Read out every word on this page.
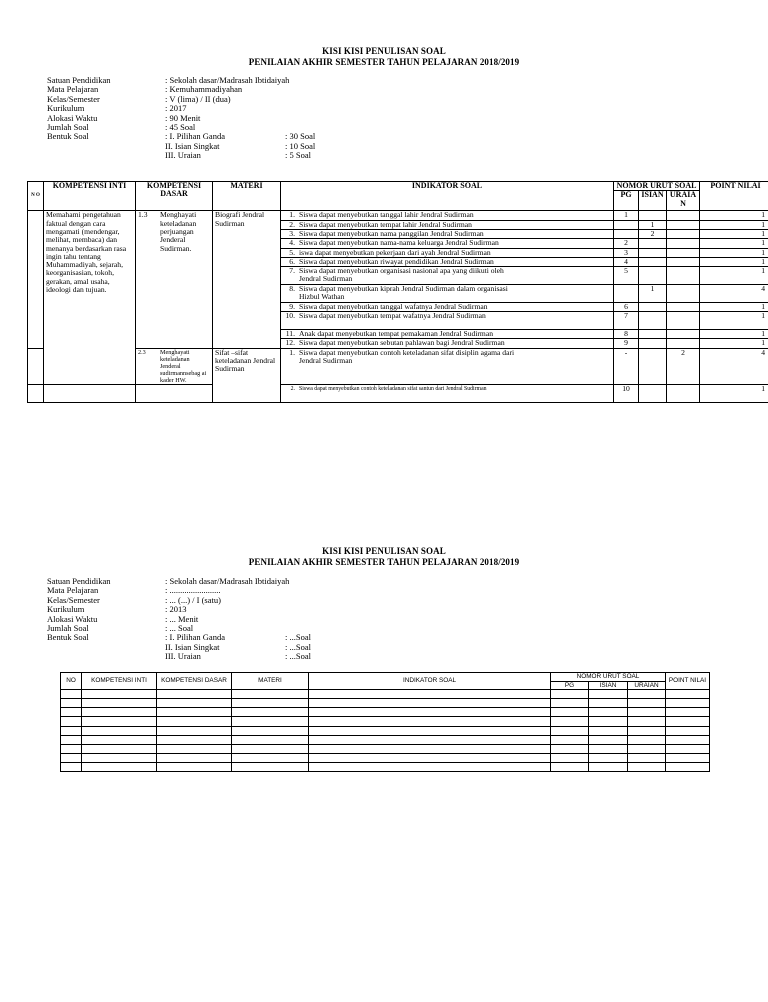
KISI KISI PENULISAN SOAL
PENILAIAN AKHIR SEMESTER TAHUN PELAJARAN 2018/2019
Satuan Pendidikan	: Sekolah dasar/Madrasah Ibtidaiyah
Mata Pelajaran	: Kemuhammadiyahan
Kelas/Semester	: V (lima) / II (dua)
Kurikulum	: 2017
Alokasi Waktu	: 90 Menit
Jumlah Soal	: 45 Soal
Bentuk Soal	: I. Pilihan Ganda	: 30 Soal
II. Isian Singkat	: 10 Soal
III. Uraian	: 5 Soal
N O	KOMPETENSI INTI	KOMPETENSI DASAR	MATERI	INDIKATOR SOAL	NOMOR URUT SOAL			POINT NILAI
					PG	ISIAN	URAIA N	
	Memahami pengetahuan faktual dengan cara mengamati (mendengar, melihat, membaca) dan menanya berdasarkan rasa ingin tahu tentang Muhammadiyah, sejarah, keorganisasian, tokoh, gerakan, amal usaha, ideologi dan tujuan.	1.3 Menghayati keteladanan perjuangan Jenderal Sudirman.	Biografi Jendral Sudirman	1. Siswa dapat menyebutkan tanggal lahir Jendral Sudirman	1			1
				2. Siswa dapat menyebutkan tempat lahir Jendral Sudirman		1		1
				3. Siswa dapat menyebutkan nama panggilan Jendral Sudirman		2		1
				4. Siswa dapat menyebutkan nama-nama keluarga Jendral Sudirman	2			1
				5. iswa dapat menyebutkan pekerjaan dari ayah Jendral Sudirman	3			1
				6. Siswa dapat menyebutkan riwayat pendidikan Jendral Sudirman	4			1
				7. Siswa dapat menyebutkan organisasi nasional apa yang diikuti oleh
Jendral Sudirman	5			1
				8. Siswa dapat menyebutkan kiprah Jendral Sudirman dalam organisasi
Hizbul Wathan		1		4
				9. Siswa dapat menyebutkan tanggal wafatnya Jendral Sudirman	6			1
				10. Siswa dapat menyebutkan tempat wafatnya Jendral Sudirman	7			1
				11. Anak dapat menyebutkan tempat pemakaman Jendral Sudirman	8			1
				12. Siswa dapat menyebutkan sebutan pahlawan bagi Jendral Sudirman	9			1
		2.3 Menghayati keteladanan Jenderal sudirmannsebag ai kader HW.	Sifat –sifat keteladanan Jendral Sudirman	1. Siswa dapat menyebutkan contoh keteladanan sifat disiplin agama dari
Jendral Sudirman	-		2	4
				2. Siswa dapat menyebutkan contoh keteladanan sifat santun dari Jendral Sudirman	10			1
KISI KISI PENULISAN SOAL
PENILAIAN AKHIR SEMESTER TAHUN PELAJARAN 2018/2019
Satuan Pendidikan	: Sekolah dasar/Madrasah Ibtidaiyah
Mata Pelajaran	: ........................
Kelas/Semester	: ... (...) / I (satu)
Kurikulum	: 2013
Alokasi Waktu	: ... Menit
Jumlah Soal	: ... Soal
Bentuk Soal	: I. Pilihan Ganda	: ...Soal
II. Isian Singkat	: ...Soal
III. Uraian	: ...Soal
NO	KOMPETENSI INTI	KOMPETENSI DASAR	MATERI	INDIKATOR SOAL	NOMOR URUT SOAL			POINT NILAI
					PG	ISIAN	URAIAN	
